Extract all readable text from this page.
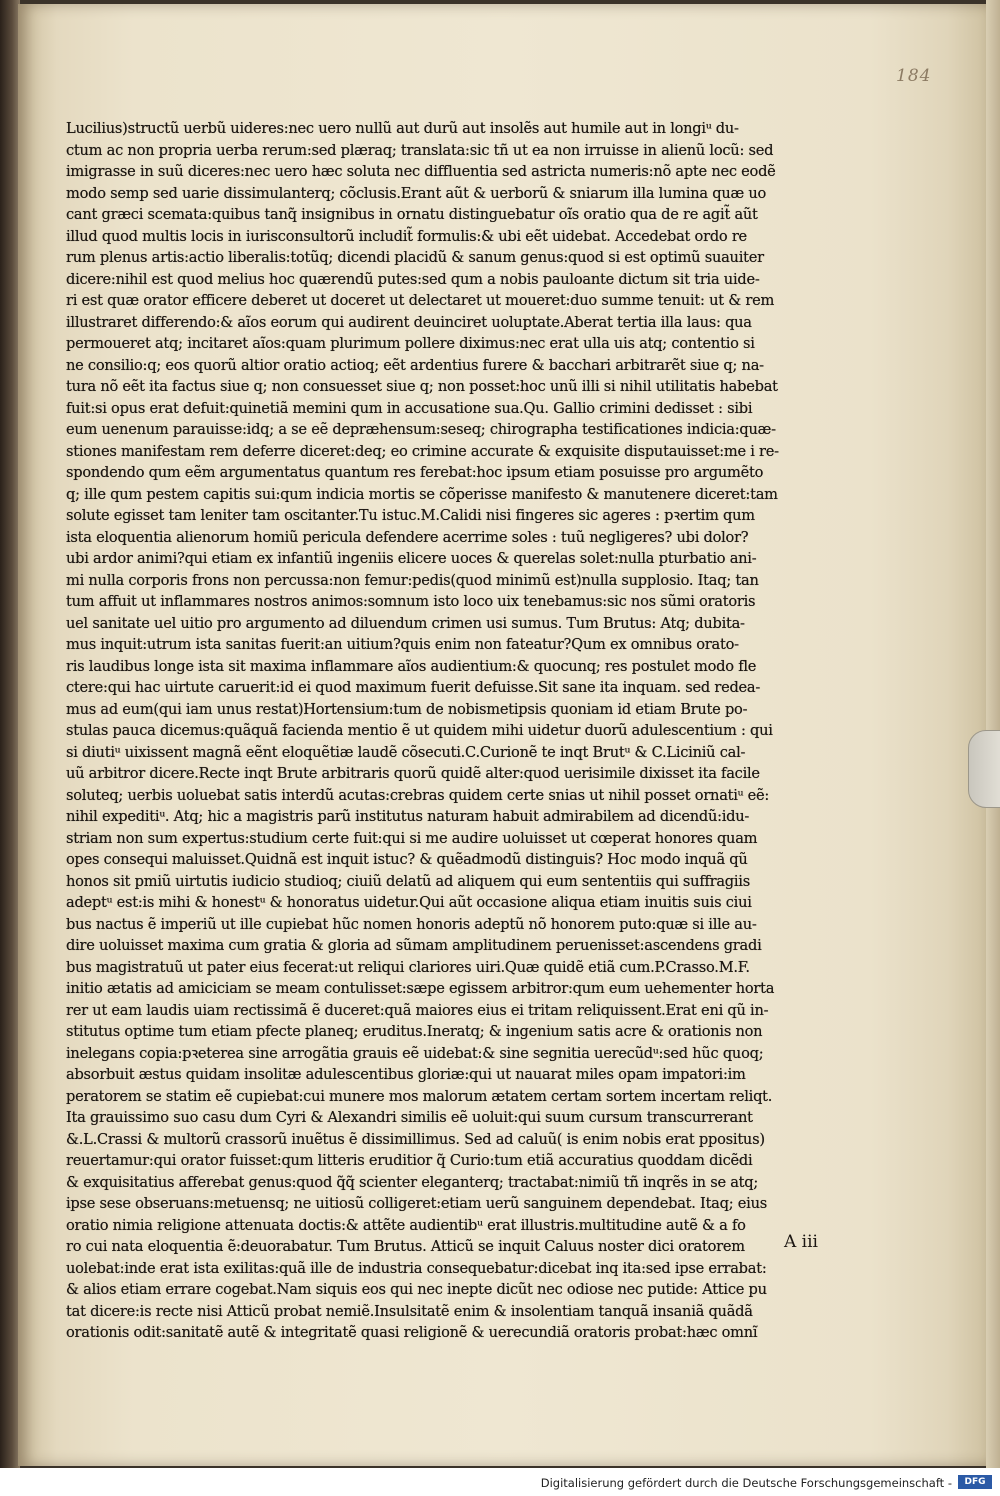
184
Lucilius)structũ uerbũ uideres:nec uero nullũ aut durũ aut insolẽs aut humile aut in longiᵘ du-
ctum ac non propria uerba rerum:sed plæraq; translata:sic tñ ut ea non irruisse in alienũ locũ: sed
imigrasse in suũ diceres:nec uero hæc soluta nec diffluentia sed astricta numeris:nõ apte nec eodẽ
modo semp sed uarie dissimulanterq; cõclusis.Erant aũt & uerborũ & sniarum illa lumina quæ uo
cant græci scemata:quibus tanq̃ insignibus in ornatu distinguebatur oĩs oratio qua de re agit̃ aũt
illud quod multis locis in iurisconsultorũ includit̃ formulis:& ubi eẽt uidebat. Accedebat ordo re
rum plenus artis:actio liberalis:totũq; dicendi placidũ & sanum genus:quod si est optimũ suauiter
dicere:nihil est quod melius hoc quærendũ putes:sed qum a nobis pauloante dictum sit tria uide-
ri est quæ orator efficere deberet ut doceret ut delectaret ut moueret:duo summe tenuit: ut & rem
illustraret differendo:& aĩos eorum qui audirent deuinciret uoluptate.Aberat tertia illa laus: qua
permoueret atq; incitaret aĩos:quam plurimum pollere diximus:nec erat ulla uis atq; contentio si
ne consilio:q; eos quorũ altior oratio actioq; eẽt ardentius furere & bacchari arbitrarẽt siue q; na-
tura nõ eẽt ita factus siue q; non consuesset siue q; non posset:hoc unũ illi si nihil utilitatis habebat
fuit:si opus erat defuit:quinetiã memini qum in accusatione sua.Qu. Gallio crimini dedisset : sibi
eum uenenum parauisse:idq; a se eẽ depræhensum:seseq; chirographa testificationes indicia:quæ-
stiones manifestam rem deferre diceret:deq; eo crimine accurate & exquisite disputauisset:me i re-
spondendo qum eẽm argumentatus quantum res ferebat:hoc ipsum etiam posuisse pro argumẽto
q; ille qum pestem capitis sui:qum indicia mortis se cõperisse manifesto & manutenere diceret:tam
solute egisset tam leniter tam oscitanter.Tu istuc.M.Calidi nisi fingeres sic ageres : pꝛertim qum
ista eloquentia alienorum homiũ pericula defendere acerrime soles : tuũ negligeres? ubi dolor?
ubi ardor animi?qui etiam ex infantiũ ingeniis elicere uoces & querelas solet:nulla pturbatio ani-
mi nulla corporis frons non percussa:non femur:pedis(quod minimũ est)nulla supplosio. Itaq; tan
tum affuit ut inflammares nostros animos:somnum isto loco uix tenebamus:sic nos sũmi oratoris
uel sanitate uel uitio pro argumento ad diluendum crimen usi sumus. Tum Brutus: Atq; dubita-
mus inquit:utrum ista sanitas fuerit:an uitium?quis enim non fateatur?Qum ex omnibus orato-
ris laudibus longe ista sit maxima inflammare aĩos audientium:& quocunq; res postulet modo fle
ctere:qui hac uirtute caruerit:id ei quod maximum fuerit defuisse.Sit sane ita inquam. sed redea-
mus ad eum(qui iam unus restat)Hortensium:tum de nobismetipsis quoniam id etiam Brute po-
stulas pauca dicemus:quãquã facienda mentio ẽ ut quidem mihi uidetur duorũ adulescentium : qui
si diutiᵘ uixissent magnã eẽnt eloquẽtiæ laudẽ cõsecuti.C.Curionẽ te inqt Brutᵘ & C.Liciniũ cal-
uũ arbitror dicere.Recte inqt Brute arbitraris quorũ quidẽ alter:quod uerisimile dixisset ita facile
soluteq; uerbis uoluebat satis interdũ acutas:crebras quidem certe snias ut nihil posset ornatiᵘ eẽ:
nihil expeditiᵘ. Atq; hic a magistris parũ institutus naturam habuit admirabilem ad dicendũ:idu-
striam non sum expertus:studium certe fuit:qui si me audire uoluisset ut cœperat honores quam
opes consequi maluisset.Quidnã est inquit istuc? & quẽadmodũ distinguis? Hoc modo inquã qũ
honos sit pmiũ uirtutis iudicio studioq; ciuiũ delatũ ad aliquem qui eum sententiis qui suffragiis
adeptᵘ est:is mihi & honestᵘ & honoratus uidetur.Qui aũt occasione aliqua etiam inuitis suis ciui
bus nactus ẽ imperiũ ut ille cupiebat hũc nomen honoris adeptũ nõ honorem puto:quæ si ille au-
dire uoluisset maxima cum gratia & gloria ad sũmam amplitudinem peruenisset:ascendens gradi
bus magistratuũ ut pater eius fecerat:ut reliqui clariores uiri.Quæ quidẽ etiã cum.P.Crasso.M.F.
initio ætatis ad amiciciam se meam contulisset:sæpe egissem arbitror:qum eum uehementer horta
rer ut eam laudis uiam rectissimã ẽ duceret:quã maiores eius ei tritam reliquissent.Erat eni qũ in-
stitutus optime tum etiam pfecte planeq; eruditus.Ineratq; & ingenium satis acre & orationis non
inelegans copia:pꝛeterea sine arrogãtia grauis eẽ uidebat:& sine segnitia uerecũdᵘ:sed hũc quoq;
absorbuit æstus quidam insolitæ adulescentibus gloriæ:qui ut nauarat miles opam impatori:im
peratorem se statim eẽ cupiebat:cui munere mos malorum ætatem certam sortem incertam reliqt.
Ita grauissimo suo casu dum Cyri & Alexandri similis eẽ uoluit:qui suum cursum transcurrerant
&.L.Crassi & multorũ crassorũ inuẽtus ẽ dissimillimus. Sed ad caluũ( is enim nobis erat ppositus)
reuertamur:qui orator fuisset:qum litteris eruditior q̃ Curio:tum etiã accuratius quoddam dicẽdi
& exquisitatius afferebat genus:quod q̃q̃ scienter eleganterq; tractabat:nimiũ tñ inqrẽs in se atq;
ipse sese obseruans:metuensq; ne uitiosũ colligeret:etiam uerũ sanguinem dependebat. Itaq; eius
oratio nimia religione attenuata doctis:& attẽte audientibᵘ erat illustris.multitudine autẽ & a fo
ro cui nata eloquentia ẽ:deuorabatur. Tum Brutus. Atticũ se inquit Caluus noster dici oratorem
uolebat:inde erat ista exilitas:quã ille de industria consequebatur:dicebat inq ita:sed ipse errabat:
& alios etiam errare cogebat.Nam siquis eos qui nec inepte dicũt nec odiose nec putide: Attice pu
tat dicere:is recte nisi Atticũ probat nemiẽ.Insulsitatẽ enim & insolentiam tanquã insaniã quãdã
orationis odit:sanitatẽ autẽ & integritatẽ quasi religionẽ & uerecundiã oratoris probat:hæc omnĩ
A iii
Digitalisierung gefördert durch die Deutsche Forschungsgemeinschaft -	DFG
